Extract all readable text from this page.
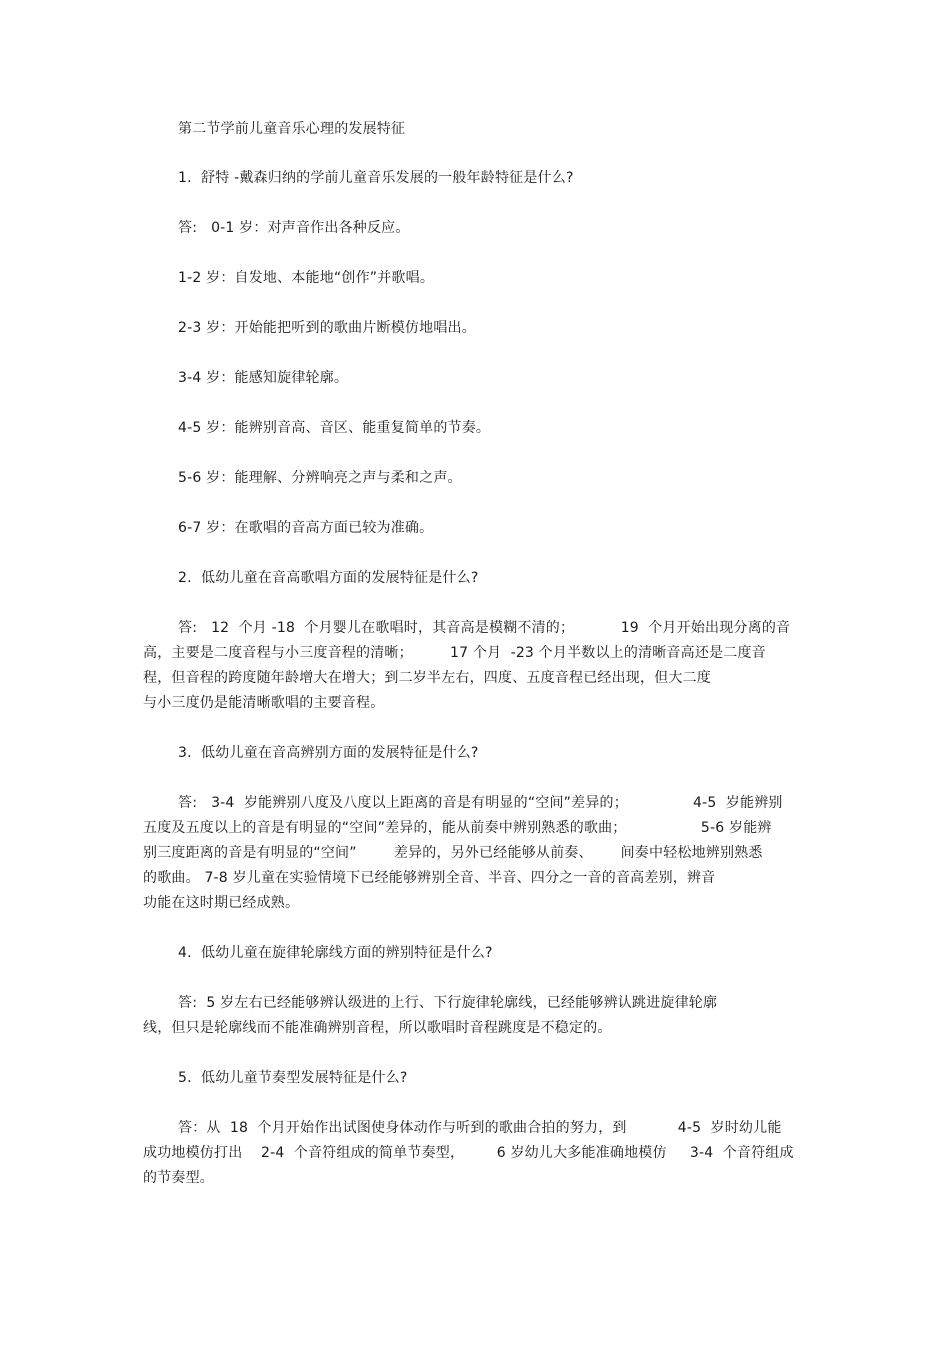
第二节学前儿童音乐心理的发展特征
1.  舒特 -戴森归纳的学前儿童音乐发展的一般年龄特征是什么?
答:   0-1 岁：对声音作出各种反应。
1-2 岁：自发地、本能地“创作”并歌唱。
2-3 岁：开始能把听到的歌曲片断模仿地唱出。
3-4 岁：能感知旋律轮廓。
4-5 岁：能辨别音高、音区、能重复简单的节奏。
5-6 岁：能理解、分辨响亮之声与柔和之声。
6-7 岁：在歌唱的音高方面已较为准确。
2.  低幼儿童在音高歌唱方面的发展特征是什么?
答:   12  个月 -18  个月婴儿在歌唱时，其音高是模糊不清的；          19  个月开始出现分离的音
高，主要是二度音程与小三度音程的清晰；        17 个月  -23 个月半数以上的清晰音高还是二度音
程，但音程的跨度随年龄增大在增大；到二岁半左右，四度、五度音程已经出现，但大二度
与小三度仍是能清晰歌唱的主要音程。
3.  低幼儿童在音高辨别方面的发展特征是什么?
答:   3-4  岁能辨别八度及八度以上距离的音是有明显的“空间”差异的；              4-5  岁能辨别
五度及五度以上的音是有明显的“空间”差异的，能从前奏中辨别熟悉的歌曲；                5-6 岁能辨
别三度距离的音是有明显的“空间”        差异的，另外已经能够从前奏、      间奏中轻松地辨别熟悉
的歌曲。 7-8 岁儿童在实验情境下已经能够辨别全音、半音、四分之一音的音高差别，辨音
功能在这时期已经成熟。
4.  低幼儿童在旋律轮廓线方面的辨别特征是什么?
答:  5 岁左右已经能够辨认级进的上行、下行旋律轮廓线，已经能够辨认跳进旋律轮廓
线，但只是轮廓线而不能准确辨别音程，所以歌唱时音程跳度是不稳定的。
5.  低幼儿童节奏型发展特征是什么?
答：从  18  个月开始作出试图使身体动作与听到的歌曲合拍的努力，到           4-5  岁时幼儿能
成功地模仿打出    2-4  个音符组成的简单节奏型，       6 岁幼儿大多能准确地模仿     3-4  个音符组成
的节奏型。
